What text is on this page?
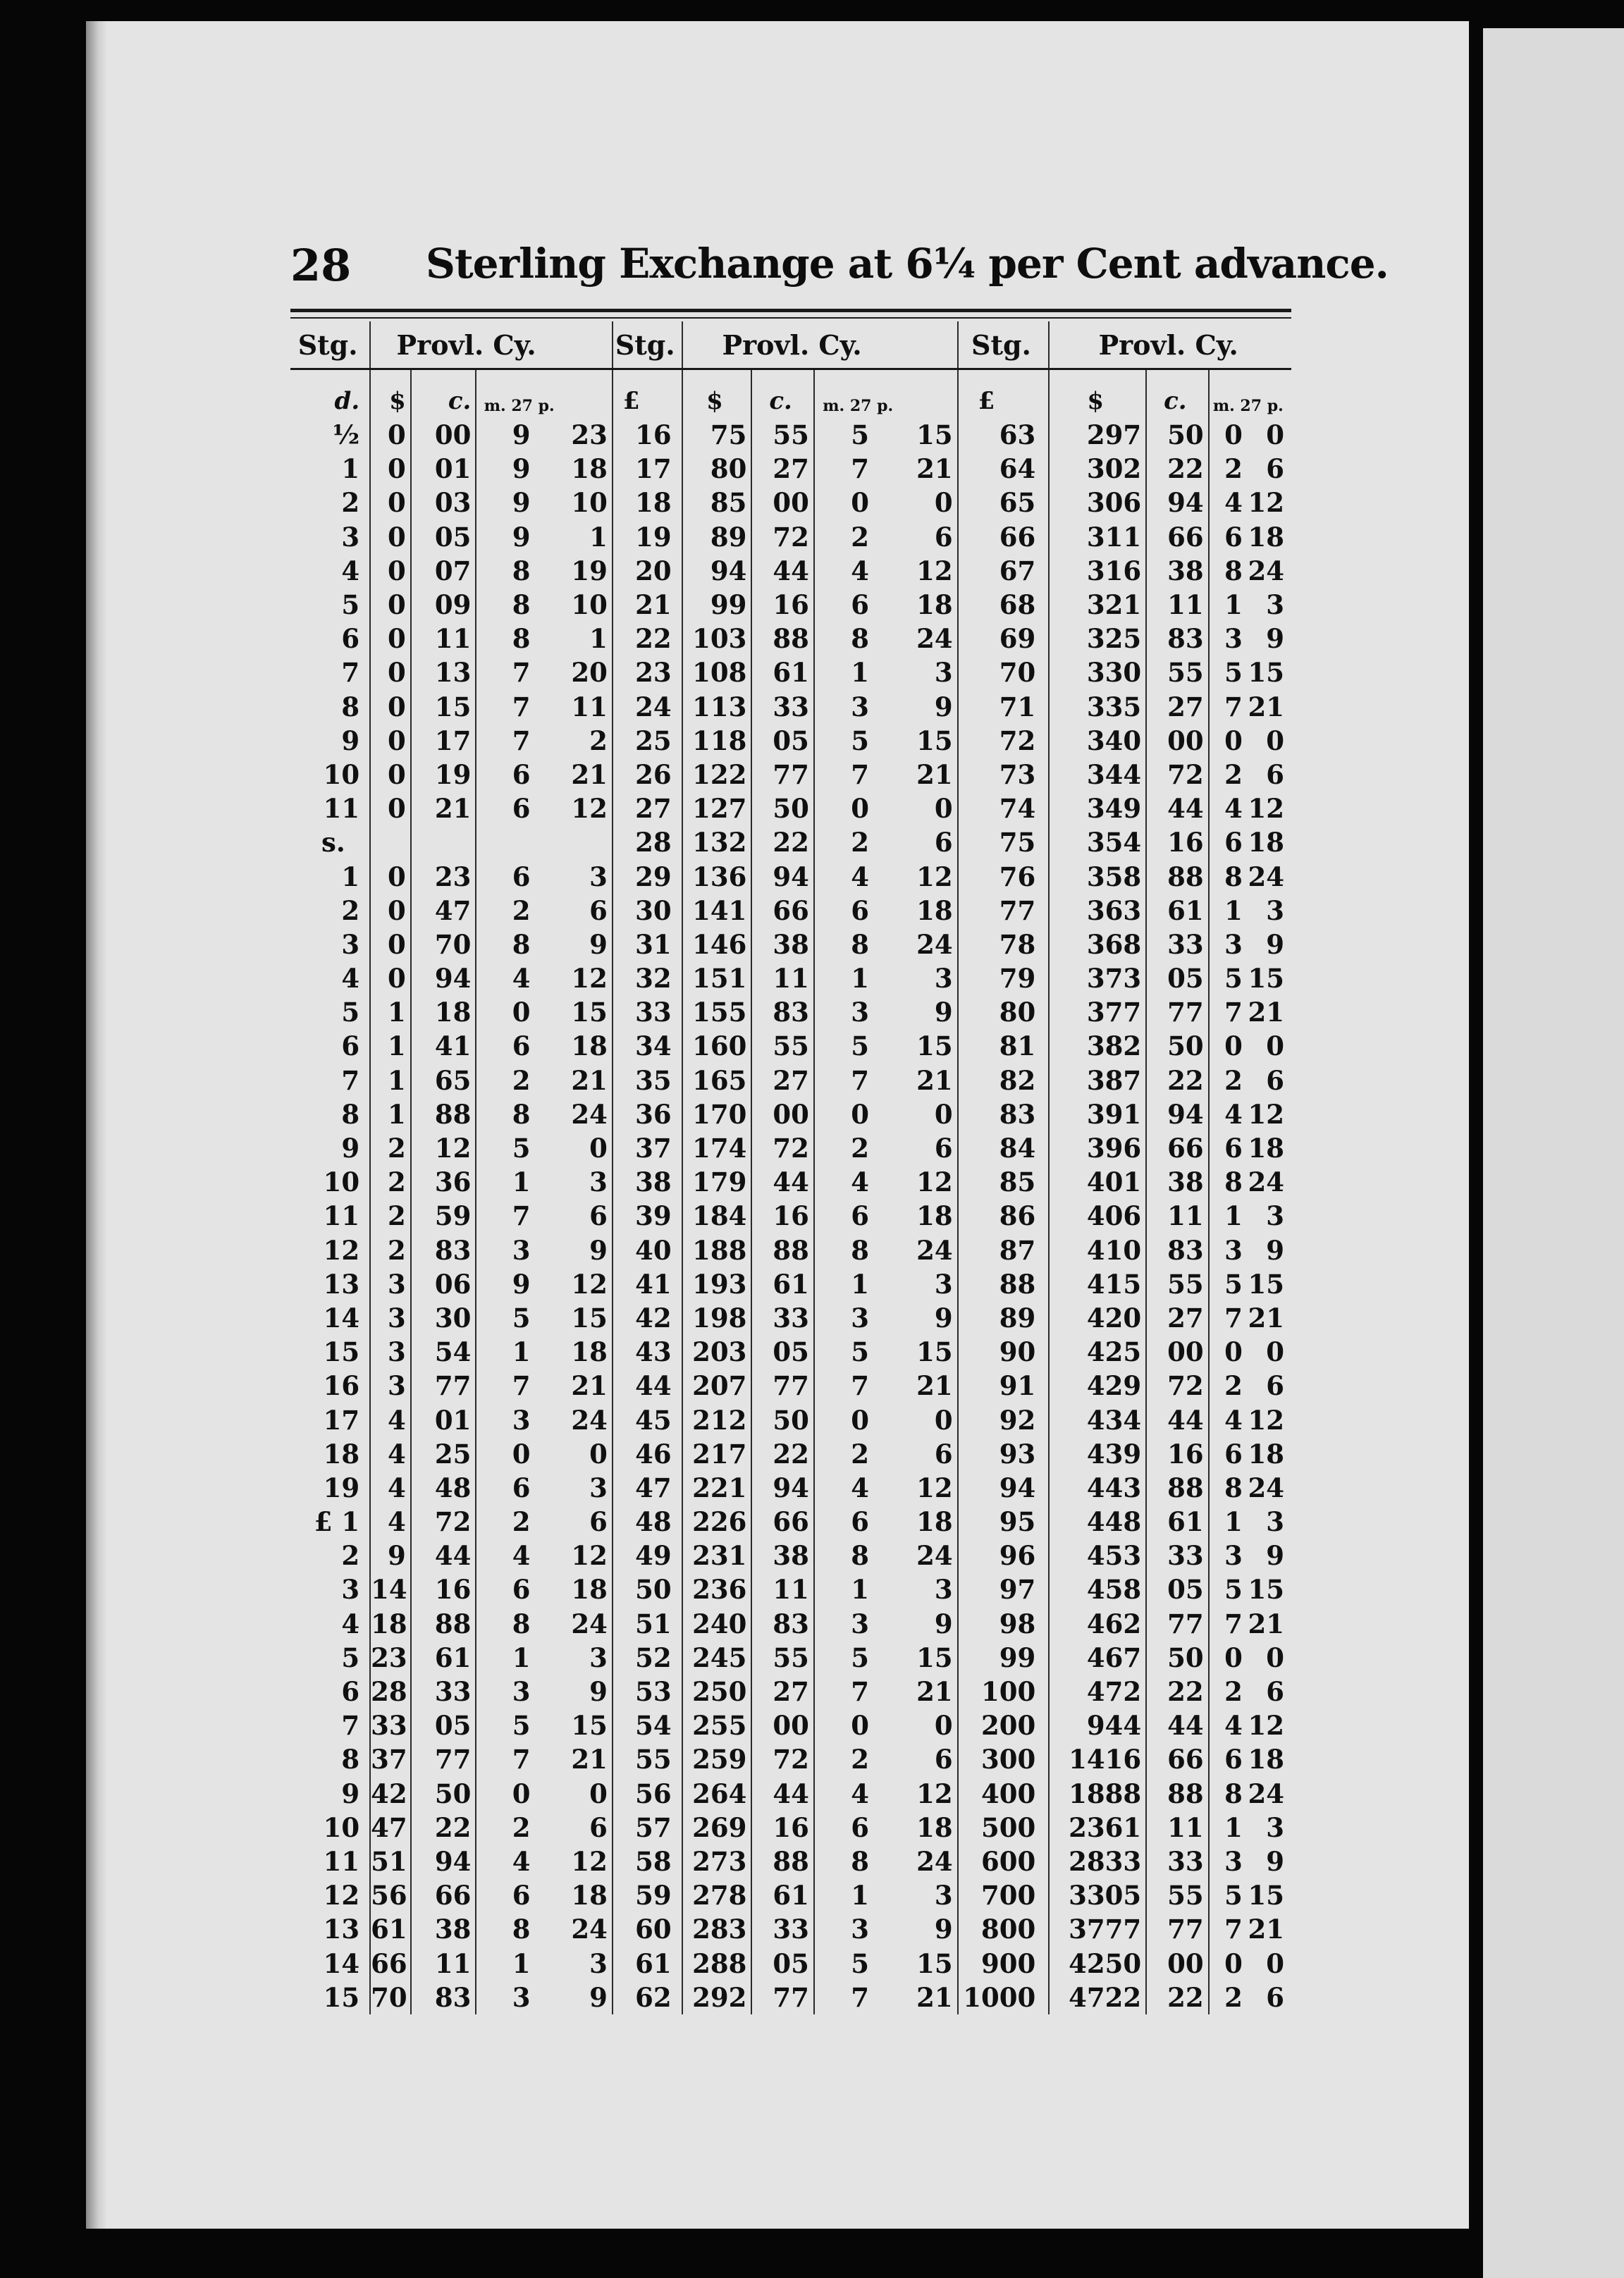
28 Sterling Exchange at 6¼ per Cent advance.
Stg.	Provl. Cy.				Stg.	Provl. Cy.				Stg.	Provl. Cy.		
d.	$	c.	m. 27 p.		£	$	c.	m. 27 p.		£	$	c.	m. 27 p.
½	0	00	9	23	16	75	55	5	15	63	297	50	0 0
1	0	01	9	18	17	80	27	7	21	64	302	22	2 6
2	0	03	9	10	18	85	00	0	0	65	306	94	4 12
3	0	05	9	1	19	89	72	2	6	66	311	66	6 18
4	0	07	8	19	20	94	44	4	12	67	316	38	8 24
5	0	09	8	10	21	99	16	6	18	68	321	11	1 3
6	0	11	8	1	22	103	88	8	24	69	325	83	3 9
7	0	13	7	20	23	108	61	1	3	70	330	55	5 15
8	0	15	7	11	24	113	33	3	9	71	335	27	7 21
9	0	17	7	2	25	118	05	5	15	72	340	00	0 0
10	0	19	6	21	26	122	77	7	21	73	344	72	2 6
11	0	21	6	12	27	127	50	0	0	74	349	44	4 12
s.					28	132	22	2	6	75	354	16	6 18
1	0	23	6	3	29	136	94	4	12	76	358	88	8 24
2	0	47	2	6	30	141	66	6	18	77	363	61	1 3
3	0	70	8	9	31	146	38	8	24	78	368	33	3 9
4	0	94	4	12	32	151	11	1	3	79	373	05	5 15
5	1	18	0	15	33	155	83	3	9	80	377	77	7 21
6	1	41	6	18	34	160	55	5	15	81	382	50	0 0
7	1	65	2	21	35	165	27	7	21	82	387	22	2 6
8	1	88	8	24	36	170	00	0	0	83	391	94	4 12
9	2	12	5	0	37	174	72	2	6	84	396	66	6 18
10	2	36	1	3	38	179	44	4	12	85	401	38	8 24
11	2	59	7	6	39	184	16	6	18	86	406	11	1 3
12	2	83	3	9	40	188	88	8	24	87	410	83	3 9
13	3	06	9	12	41	193	61	1	3	88	415	55	5 15
14	3	30	5	15	42	198	33	3	9	89	420	27	7 21
15	3	54	1	18	43	203	05	5	15	90	425	00	0 0
16	3	77	7	21	44	207	77	7	21	91	429	72	2 6
17	4	01	3	24	45	212	50	0	0	92	434	44	4 12
18	4	25	0	0	46	217	22	2	6	93	439	16	6 18
19	4	48	6	3	47	221	94	4	12	94	443	88	8 24
£ 1	4	72	2	6	48	226	66	6	18	95	448	61	1 3
2	9	44	4	12	49	231	38	8	24	96	453	33	3 9
3	14	16	6	18	50	236	11	1	3	97	458	05	5 15
4	18	88	8	24	51	240	83	3	9	98	462	77	7 21
5	23	61	1	3	52	245	55	5	15	99	467	50	0 0
6	28	33	3	9	53	250	27	7	21	100	472	22	2 6
7	33	05	5	15	54	255	00	0	0	200	944	44	4 12
8	37	77	7	21	55	259	72	2	6	300	1416	66	6 18
9	42	50	0	0	56	264	44	4	12	400	1888	88	8 24
10	47	22	2	6	57	269	16	6	18	500	2361	11	1 3
11	51	94	4	12	58	273	88	8	24	600	2833	33	3 9
12	56	66	6	18	59	278	61	1	3	700	3305	55	5 15
13	61	38	8	24	60	283	33	3	9	800	3777	77	7 21
14	66	11	1	3	61	288	05	5	15	900	4250	00	0 0
15	70	83	3	9	62	292	77	7	21	1000	4722	22	2 6
